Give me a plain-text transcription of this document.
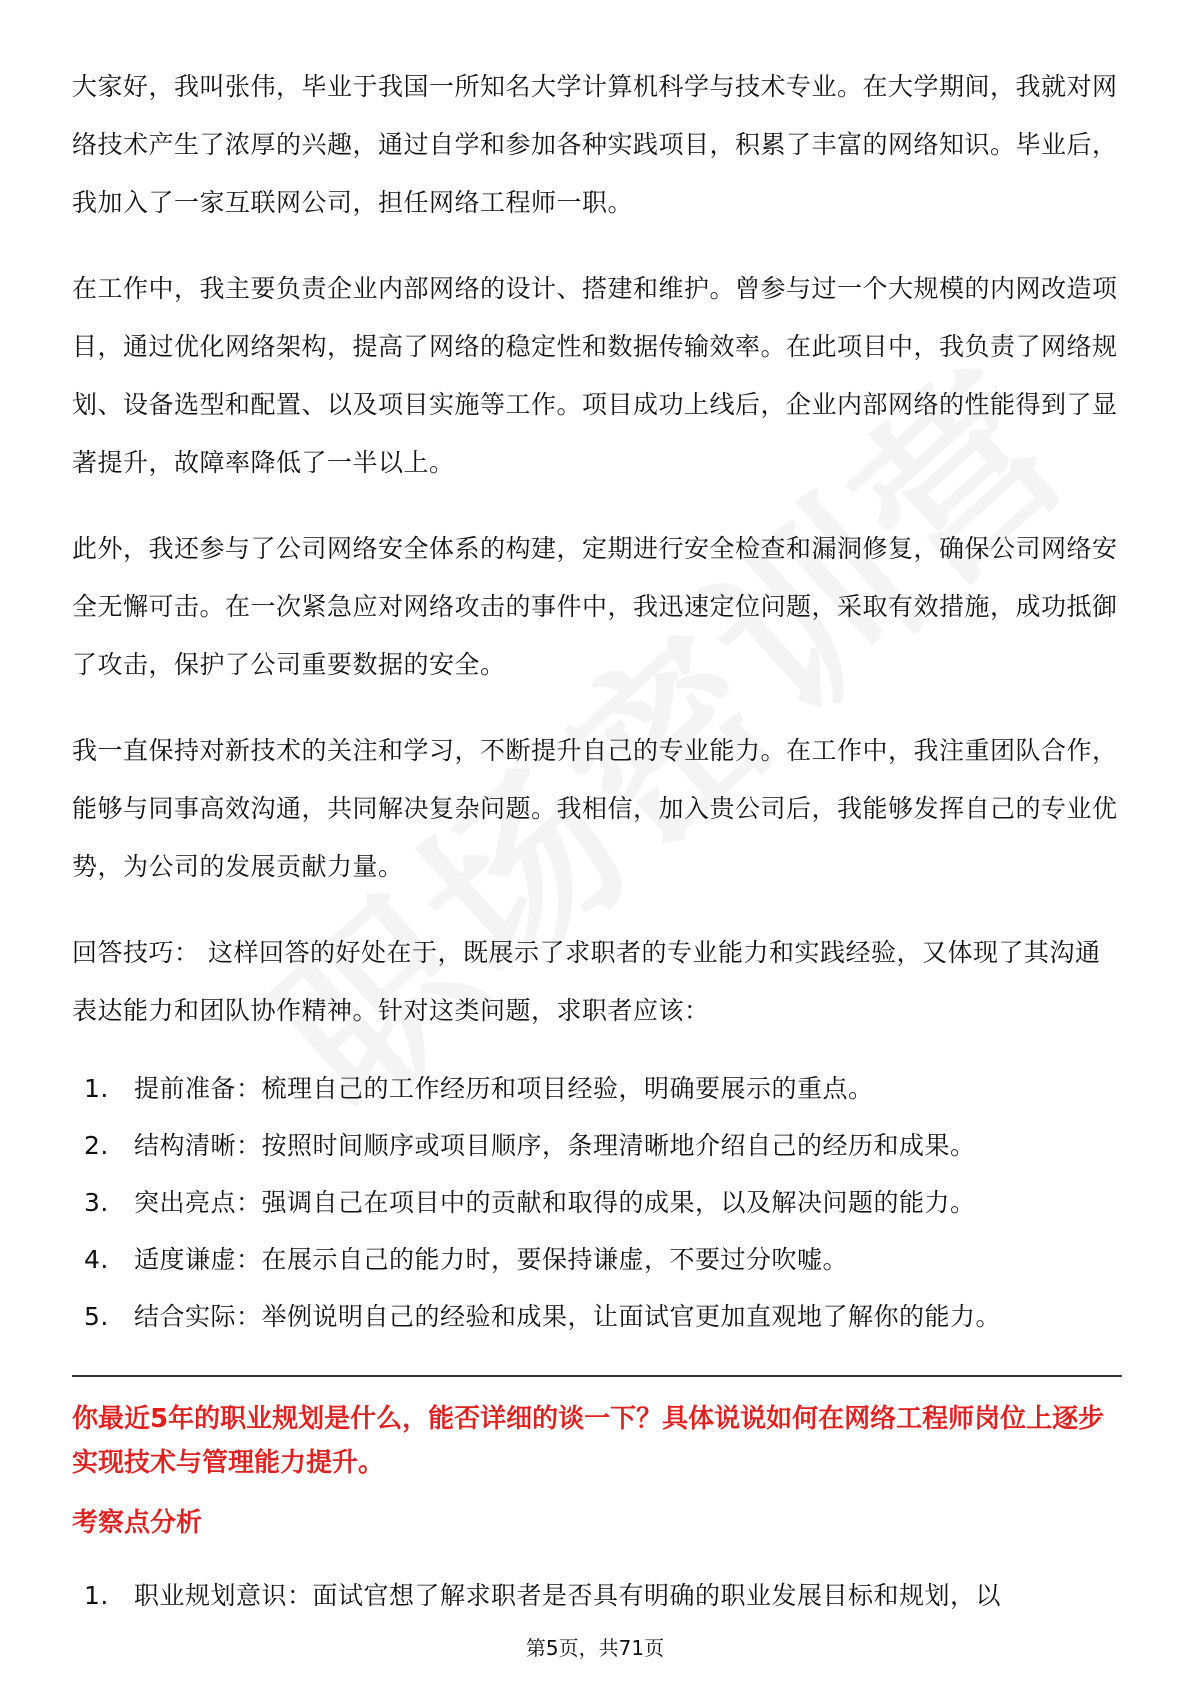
大家好，我叫张伟，毕业于我国一所知名大学计算机科学与技术专业。在大学期间，我就对网络技术产生了浓厚的兴趣，通过自学和参加各种实践项目，积累了丰富的网络知识。毕业后，我加入了一家互联网公司，担任网络工程师一职。

在工作中，我主要负责企业内部网络的设计、搭建和维护。曾参与过一个大规模的内网改造项目，通过优化网络架构，提高了网络的稳定性和数据传输效率。在此项目中，我负责了网络规划、设备选型和配置、以及项目实施等工作。项目成功上线后，企业内部网络的性能得到了显著提升，故障率降低了一半以上。

此外，我还参与了公司网络安全体系的构建，定期进行安全检查和漏洞修复，确保公司网络安全无懈可击。在一次紧急应对网络攻击的事件中，我迅速定位问题，采取有效措施，成功抵御了攻击，保护了公司重要数据的安全。

我一直保持对新技术的关注和学习，不断提升自己的专业能力。在工作中，我注重团队合作，能够与同事高效沟通，共同解决复杂问题。我相信，加入贵公司后，我能够发挥自己的专业优势，为公司的发展贡献力量。

回答技巧： 这样回答的好处在于，既展示了求职者的专业能力和实践经验，又体现了其沟通表达能力和团队协作精神。针对这类问题，求职者应该：

1.	提前准备：梳理自己的工作经历和项目经验，明确要展示的重点。
2.	结构清晰：按照时间顺序或项目顺序，条理清晰地介绍自己的经历和成果。
3.	突出亮点：强调自己在项目中的贡献和取得的成果，以及解决问题的能力。
4.	适度谦虚：在展示自己的能力时，要保持谦虚，不要过分吹嘘。
5.	结合实际：举例说明自己的经验和成果，让面试官更加直观地了解你的能力。

你最近5年的职业规划是什么，能否详细的谈一下？具体说说如何在网络工程师岗位上逐步实现技术与管理能力提升。

考察点分析

1.	职业规划意识：面试官想了解求职者是否具有明确的职业发展目标和规划，以
第5页，共71页
